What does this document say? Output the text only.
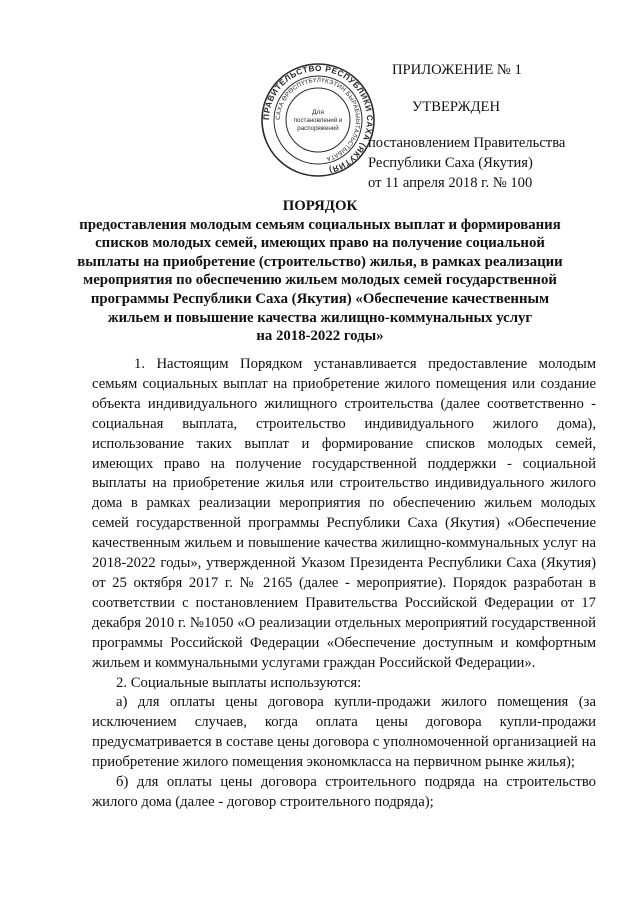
ПРАВИТЕЛЬСТВО РЕСПУБЛИКИ САХА (ЯКУТИЯ)
САХА ӨРӨСПҮҮБҮЛҮКЭТИН БЫРАБЫЫТАЛЬСТЫБАТА
Для
постановлений и
распоряжений
ПРИЛОЖЕНИЕ № 1
УТВЕРЖДЕН
постановлением Правительства
Республики Саха (Якутия)
от 11 апреля 2018 г. № 100
ПОРЯДОК
предоставления молодым семьям социальных выплат и формирования
списков молодых семей, имеющих право на получение социальной
выплаты на приобретение (строительство) жилья, в рамках реализации
мероприятия по обеспечению жильем молодых семей государственной
программы Республики Саха (Якутия) «Обеспечение качественным
жильем и повышение качества жилищно-коммунальных услуг
на 2018-2022 годы»

1. Настоящим Порядком устанавливается предоставление молодым семьям социальных выплат на приобретение жилого помещения или создание объекта индивидуального жилищного строительства (далее соответственно - социальная выплата, строительство индивидуального жилого дома), использование таких выплат и формирование списков молодых семей, имеющих право на получение государственной поддержки - социальной выплаты на приобретение жилья или строительство индивидуального жилого дома в рамках реализации мероприятия по обеспечению жильем молодых семей государственной программы Республики Саха (Якутия) «Обеспечение качественным жильем и повышение качества жилищно-коммунальных услуг на 2018-2022 годы», утвержденной Указом Президента Республики Саха (Якутия) от 25 октября 2017 г. № 2165 (далее - мероприятие). Порядок разработан в соответствии с постановлением Правительства Российской Федерации от 17 декабря 2010 г. №1050 «О реализации отдельных мероприятий государственной программы Российской Федерации «Обеспечение доступным и комфортным жильем и коммунальными услугами граждан Российской Федерации».

2. Социальные выплаты используются:

а) для оплаты цены договора купли-продажи жилого помещения (за исключением случаев, когда оплата цены договора купли-продажи предусматривается в составе цены договора с уполномоченной организацией на приобретение жилого помещения экономкласса на первичном рынке жилья);

б) для оплаты цены договора строительного подряда на строительство жилого дома (далее - договор строительного подряда);
